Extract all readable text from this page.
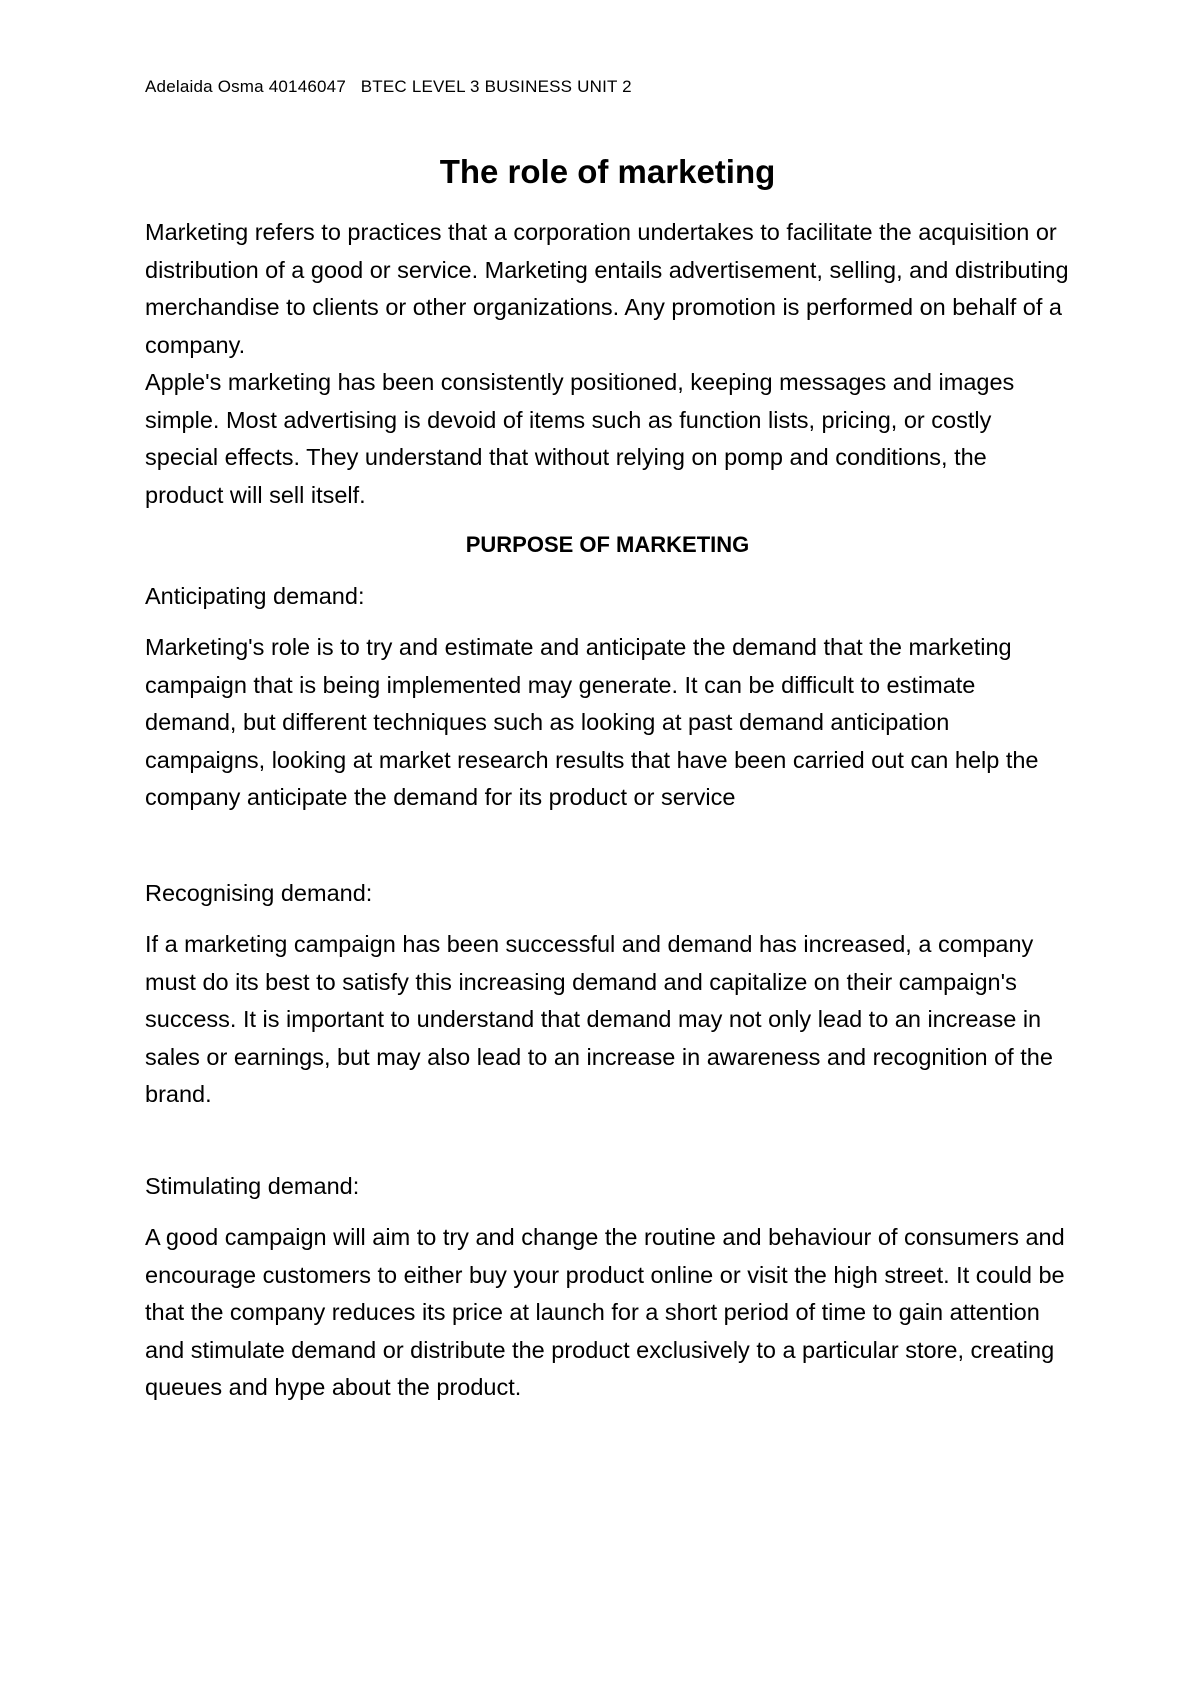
Adelaida Osma 40146047   BTEC LEVEL 3 BUSINESS UNIT 2
The role of marketing

Marketing refers to practices that a corporation undertakes to facilitate the acquisition or distribution of a good or service. Marketing entails advertisement, selling, and distributing merchandise to clients or other organizations. Any promotion is performed on behalf of a company.

Apple's marketing has been consistently positioned, keeping messages and images simple. Most advertising is devoid of items such as function lists, pricing, or costly special effects. They understand that without relying on pomp and conditions, the product will sell itself.

PURPOSE OF MARKETING
Anticipating demand:

Marketing's role is to try and estimate and anticipate the demand that the marketing campaign that is being implemented may generate. It can be difficult to estimate demand, but different techniques such as looking at past demand anticipation campaigns, looking at market research results that have been carried out can help the company anticipate the demand for its product or service

Recognising demand:

If a marketing campaign has been successful and demand has increased, a company must do its best to satisfy this increasing demand and capitalize on their campaign's success. It is important to understand that demand may not only lead to an increase in sales or earnings, but may also lead to an increase in awareness and recognition of the brand.

Stimulating demand:

A good campaign will aim to try and change the routine and behaviour of consumers and encourage customers to either buy your product online or visit the high street. It could be that the company reduces its price at launch for a short period of time to gain attention and stimulate demand or distribute the product exclusively to a particular store, creating queues and hype about the product.
